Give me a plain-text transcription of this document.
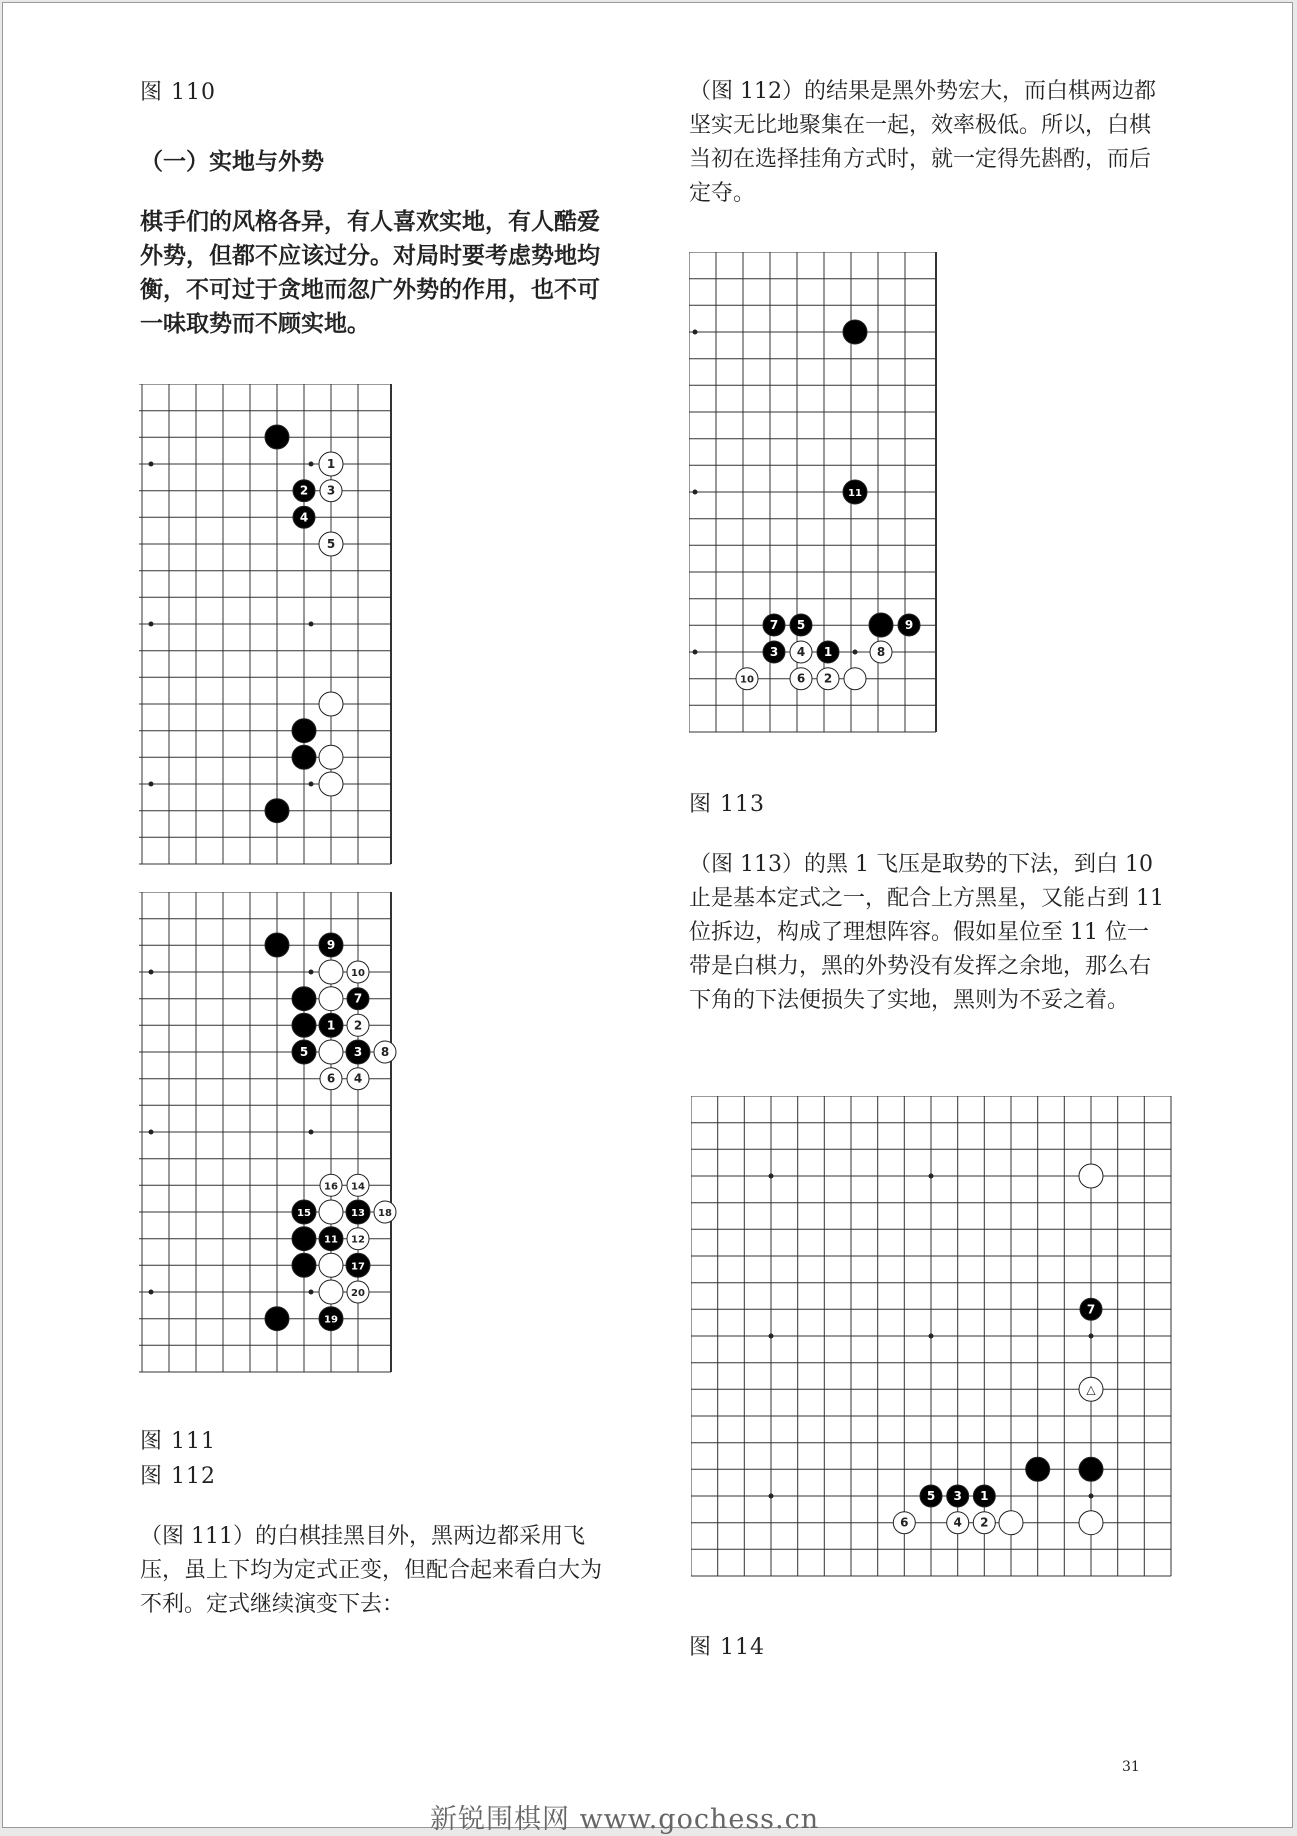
图 110

（一）实地与外势

棋手们的风格各异，有人喜欢实地，有人酷爱外势，但都不应该过分。对局时要考虑势地均衡，不可过于贪地而忽广外势的作用，也不可一味取势而不顾实地。

1
2 3
4
5
9
10
7
1 2
5	3 8
6 4
16 14
15	13 18
11 12
17
20
19

图 111

图 112

（图 111）的白棋挂黑目外，黑两边都采用飞压，虽上下均为定式正变，但配合起来看白大为不利。定式继续演变下去：

（图 112）的结果是黑外势宏大，而白棋两边都坚实无比地聚集在一起，效率极低。所以，白棋当初在选择挂角方式时，就一定得先斟酌，而后定夺。

11
7 5	9
3 4 1	8
10	6 2

图 113

（图 113）的黑 1 飞压是取势的下法，到白 10 止是基本定式之一，配合上方黑星，又能占到 11 位拆边，构成了理想阵容。假如星位至 11 位一带是白棋力，黑的外势没有发挥之余地，那么右下角的下法便损失了实地，黑则为不妥之着。

7
△
5 3 1
6	4 2

图 114

31

新锐围棋网 www.gochess.cn
